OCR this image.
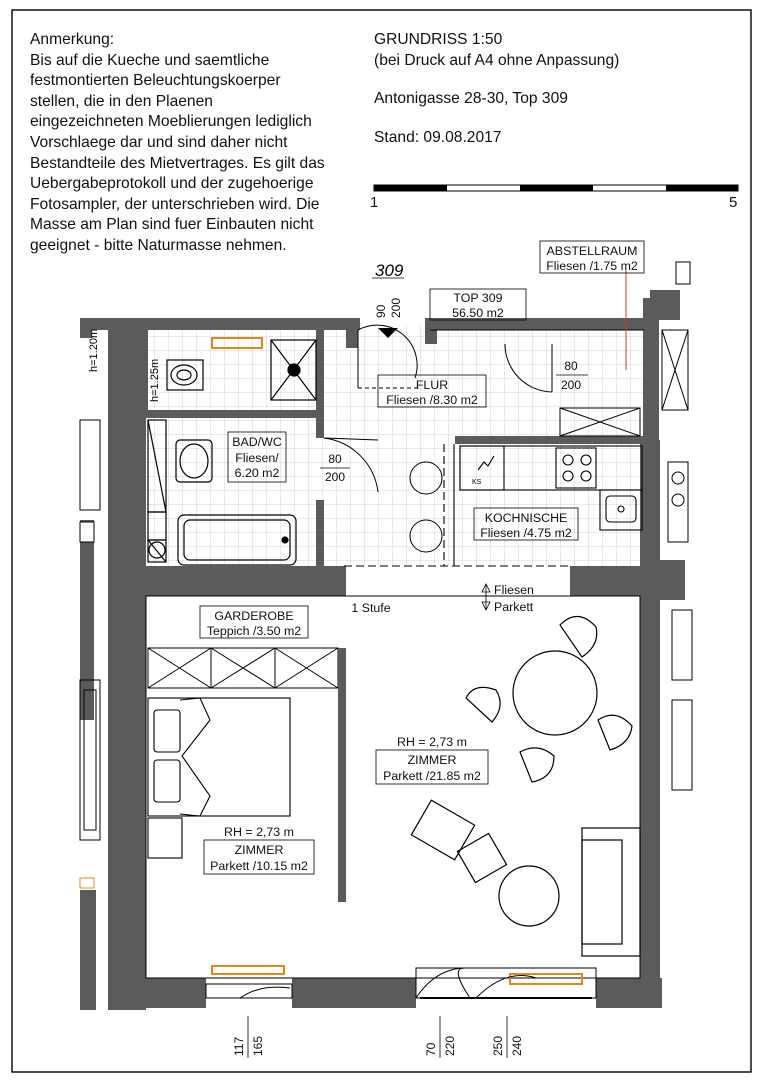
Anmerkung:
Bis auf die Kueche und saemtliche
festmontierten Beleuchtungskoerper
stellen, die in den Plaenen
eingezeichneten Moeblierungen lediglich
Vorschlaege dar und sind daher nicht
Bestandteile des Mietvertrages. Es gilt das
Uebergabeprotokoll und der zugehoerige
Fotosampler, der unterschrieben wird. Die
Masse am Plan sind fuer Einbauten nicht
geeignet - bitte Naturmasse nehmen.
GRUNDRISS 1:50
(bei Druck auf A4 ohne Anpassung)
Antonigasse 28-30, Top 309
Stand: 09.08.2017
1	5
h=1.20m
h=1.25m
309
KS
ABSTELLRAUM
Fliesen /1.75 m2
TOP 309
56.50 m2
FLUR
Fliesen /8.30 m2
BAD/WC
Fliesen/
6.20 m2
KOCHNISCHE
Fliesen /4.75 m2
GARDEROBE
Teppich /3.50 m2
RH = 2,73 m
ZIMMER
Parkett /21.85 m2
RH = 2,73 m
ZIMMER
Parkett /10.15 m2
1 Stufe
Fliesen
Parkett
90 200
80
200
80
200
117 165	70 220	250 240
